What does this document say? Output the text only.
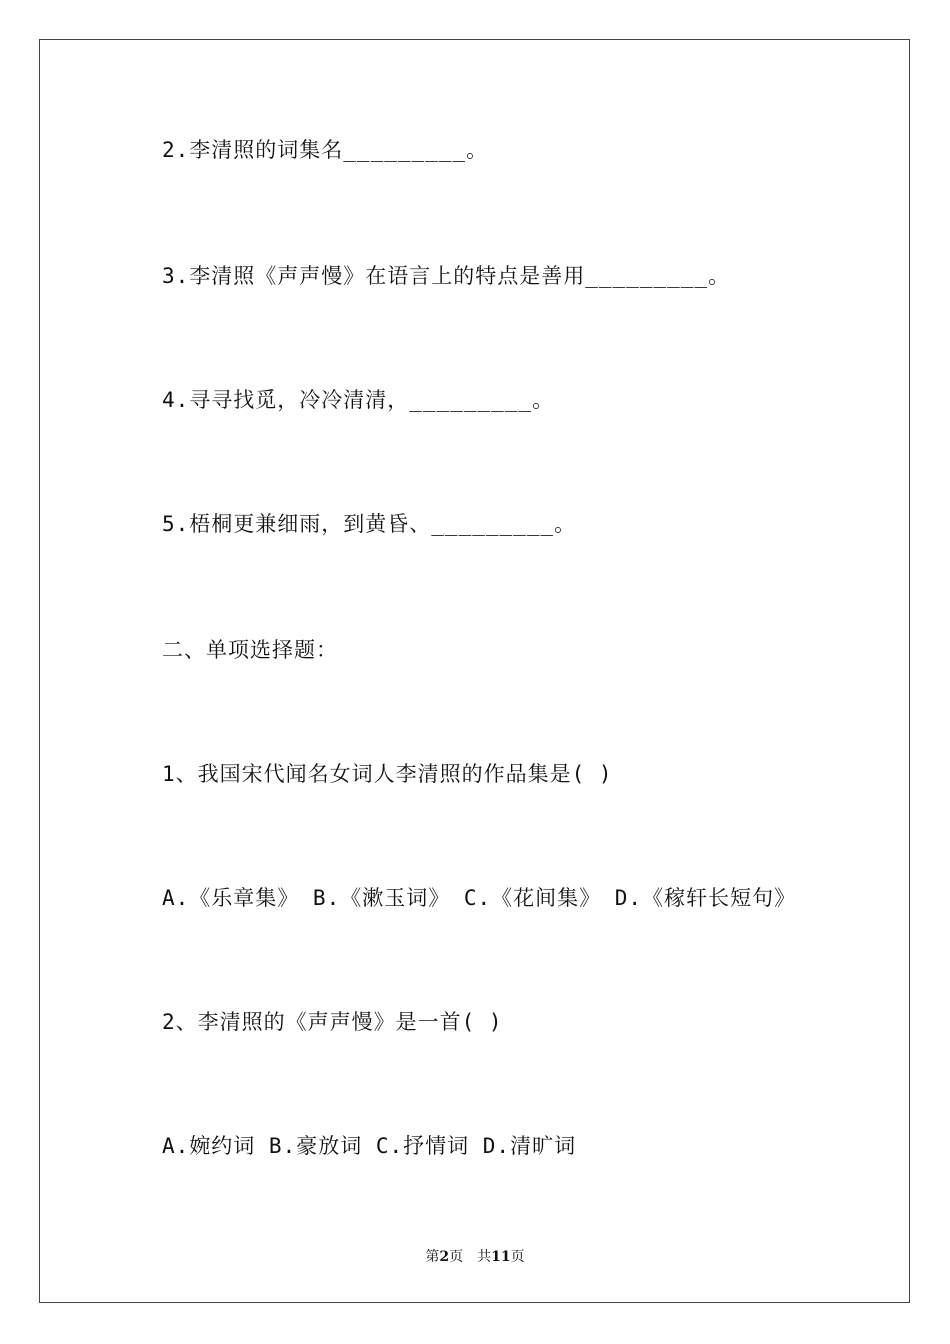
2.李清照的词集名_________。
3.李清照《声声慢》在语言上的特点是善用_________。
4.寻寻找觅，冷冷清清，_________。
5.梧桐更兼细雨，到黄昏、_________。
二、单项选择题：
1、我国宋代闻名女词人李清照的作品集是( )
A.《乐章集》 B.《漱玉词》 C.《花间集》 D.《稼轩长短句》
2、李清照的《声声慢》是一首( )
A.婉约词 B.豪放词 C.抒情词 D.清旷词
第2页　共11页
